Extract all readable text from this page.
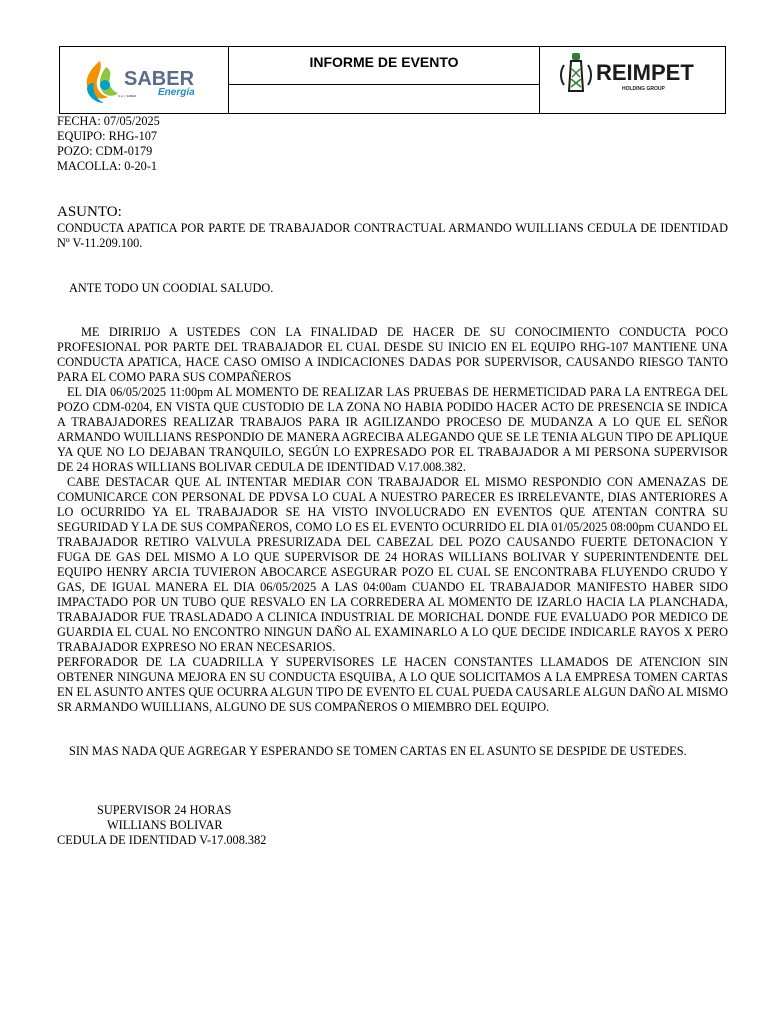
SABER
Energía
S.A. | SABER
INFORME DE EVENTO	REIMPET
HOLDING GROUP
FECHA: 07/05/2025
EQUIPO: RHG-107
POZO: CDM-0179
MACOLLA: 0-20-1
ASUNTO:
CONDUCTA APATICA POR PARTE DE TRABAJADOR CONTRACTUAL ARMANDO WUILLIANS CEDULA DE IDENTIDAD Nº V-11.209.100.
ANTE TODO UN COODIAL SALUDO.

ME DIRIRIJO A USTEDES CON LA FINALIDAD DE HACER DE SU CONOCIMIENTO CONDUCTA POCO PROFESIONAL POR PARTE DEL TRABAJADOR EL CUAL DESDE SU INICIO EN EL EQUIPO RHG-107 MANTIENE UNA CONDUCTA APATICA, HACE CASO OMISO A INDICACIONES DADAS POR SUPERVISOR, CAUSANDO RIESGO TANTO PARA EL COMO PARA SUS COMPAÑEROS

EL DIA 06/05/2025 11:00pm AL MOMENTO DE REALIZAR LAS PRUEBAS DE HERMETICIDAD PARA LA ENTREGA DEL POZO CDM-0204, EN VISTA QUE CUSTODIO DE LA ZONA NO HABIA PODIDO HACER ACTO DE PRESENCIA SE INDICA A TRABAJADORES REALIZAR TRABAJOS PARA IR AGILIZANDO PROCESO DE MUDANZA A LO QUE EL SEÑOR ARMANDO WUILLIANS RESPONDIO DE MANERA AGRECIBA ALEGANDO QUE SE LE TENIA ALGUN TIPO DE APLIQUE YA QUE NO LO DEJABAN TRANQUILO, SEGÚN LO EXPRESADO POR EL TRABAJADOR A MI PERSONA SUPERVISOR DE 24 HORAS WILLIANS BOLIVAR CEDULA DE IDENTIDAD V.17.008.382.

CABE DESTACAR QUE AL INTENTAR MEDIAR CON TRABAJADOR EL MISMO RESPONDIO CON AMENAZAS DE COMUNICARCE CON PERSONAL DE PDVSA LO CUAL A NUESTRO PARECER ES IRRELEVANTE, DIAS ANTERIORES A LO OCURRIDO YA EL TRABAJADOR SE HA VISTO INVOLUCRADO EN EVENTOS QUE ATENTAN CONTRA SU SEGURIDAD Y LA DE SUS COMPAÑEROS, COMO LO ES EL EVENTO OCURRIDO EL DIA 01/05/2025 08:00pm CUANDO EL TRABAJADOR RETIRO VALVULA PRESURIZADA DEL CABEZAL DEL POZO CAUSANDO FUERTE DETONACION Y FUGA DE GAS DEL MISMO A LO QUE SUPERVISOR DE 24 HORAS WILLIANS BOLIVAR Y SUPERINTENDENTE DEL EQUIPO HENRY ARCIA TUVIERON ABOCARCE ASEGURAR POZO EL CUAL SE ENCONTRABA FLUYENDO CRUDO Y GAS, DE IGUAL MANERA EL DIA 06/05/2025 A LAS 04:00am CUANDO EL TRABAJADOR MANIFESTO HABER SIDO IMPACTADO POR UN TUBO QUE RESVALO EN LA CORREDERA AL MOMENTO DE IZARLO HACIA LA PLANCHADA, TRABAJADOR FUE TRASLADADO A CLINICA INDUSTRIAL DE MORICHAL DONDE FUE EVALUADO POR MEDICO DE GUARDIA EL CUAL NO ENCONTRO NINGUN DAÑO AL EXAMINARLO A LO QUE DECIDE INDICARLE RAYOS X PERO TRABAJADOR EXPRESO NO ERAN NECESARIOS.

PERFORADOR DE LA CUADRILLA Y SUPERVISORES LE HACEN CONSTANTES LLAMADOS DE ATENCION SIN OBTENER NINGUNA MEJORA EN SU CONDUCTA ESQUIBA, A LO QUE SOLICITAMOS A LA EMPRESA TOMEN CARTAS EN EL ASUNTO ANTES QUE OCURRA ALGUN TIPO DE EVENTO EL CUAL PUEDA CAUSARLE ALGUN DAÑO AL MISMO SR ARMANDO WUILLIANS, ALGUNO DE SUS COMPAÑEROS O MIEMBRO DEL EQUIPO.

SIN MAS NADA QUE AGREGAR Y ESPERANDO SE TOMEN CARTAS EN EL ASUNTO SE DESPIDE DE USTEDES.
SUPERVISOR 24 HORAS
WILLIANS BOLIVAR
CEDULA DE IDENTIDAD V-17.008.382
